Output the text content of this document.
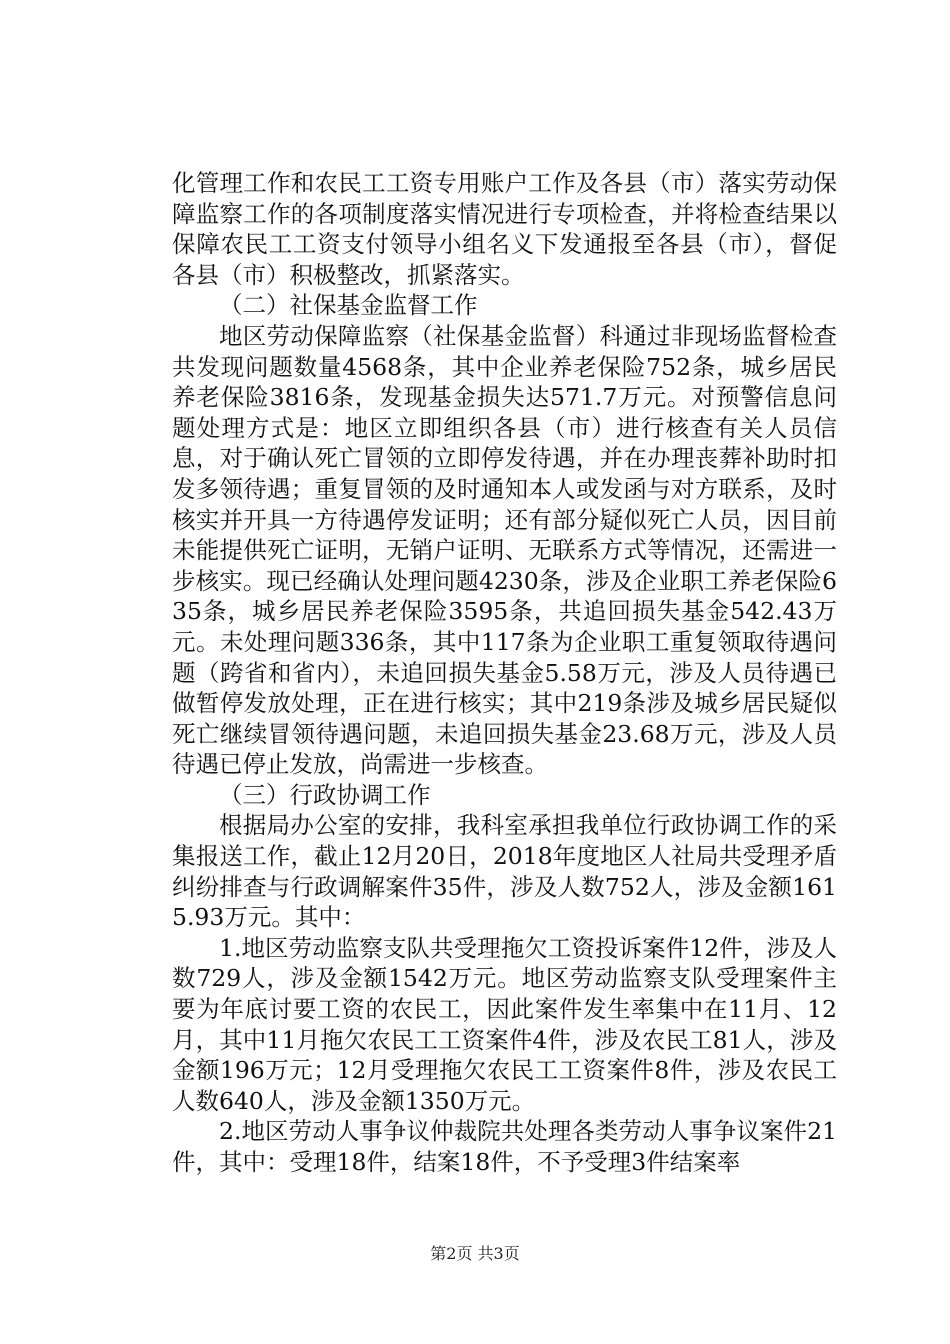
化管理工作和农民工工资专用账户工作及各县（市）落实劳动保障监察工作的各项制度落实情况进行专项检查，并将检查结果以保障农民工工资支付领导小组名义下发通报至各县（市），督促各县（市）积极整改，抓紧落实。

（二）社保基金监督工作

地区劳动保障监察（社保基金监督）科通过非现场监督检查共发现问题数量4568条，其中企业养老保险752条，城乡居民养老保险3816条，发现基金损失达571.7万元。对预警信息问题处理方式是：地区立即组织各县（市）进行核查有关人员信息，对于确认死亡冒领的立即停发待遇，并在办理丧葬补助时扣发多领待遇；重复冒领的及时通知本人或发函与对方联系，及时核实并开具一方待遇停发证明；还有部分疑似死亡人员，因目前未能提供死亡证明，无销户证明、无联系方式等情况，还需进一步核实。现已经确认处理问题4230条，涉及企业职工养老保险635条，城乡居民养老保险3595条，共追回损失基金542.43万元。未处理问题336条，其中117条为企业职工重复领取待遇问题（跨省和省内），未追回损失基金5.58万元，涉及人员待遇已做暂停发放处理，正在进行核实；其中219条涉及城乡居民疑似死亡继续冒领待遇问题，未追回损失基金23.68万元，涉及人员待遇已停止发放，尚需进一步核查。

（三）行政协调工作

根据局办公室的安排，我科室承担我单位行政协调工作的采集报送工作，截止12月20日，2018年度地区人社局共受理矛盾纠纷排查与行政调解案件35件，涉及人数752人，涉及金额1615.93万元。其中：

1.地区劳动监察支队共受理拖欠工资投诉案件12件，涉及人数729人，涉及金额1542万元。地区劳动监察支队受理案件主要为年底讨要工资的农民工，因此案件发生率集中在11月、12月，其中11月拖欠农民工工资案件4件，涉及农民工81人，涉及金额196万元；12月受理拖欠农民工工资案件8件，涉及农民工人数640人，涉及金额1350万元。

2.地区劳动人事争议仲裁院共处理各类劳动人事争议案件21件，其中：受理18件，结案18件，不予受理3件结案率

第2页 共3页
